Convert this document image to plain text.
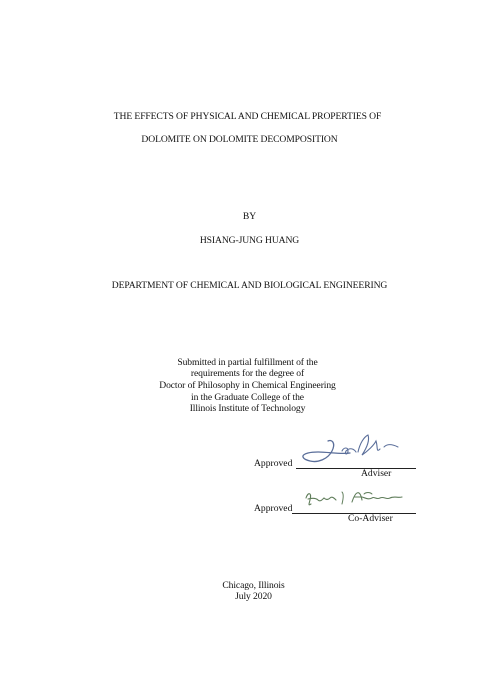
THE EFFECTS OF PHYSICAL AND CHEMICAL PROPERTIES OF
DOLOMITE ON DOLOMITE DECOMPOSITION
BY
HSIANG-JUNG HUANG
DEPARTMENT OF CHEMICAL AND BIOLOGICAL ENGINEERING
Submitted in partial fulfillment of the
requirements for the degree of
Doctor of Philosophy in Chemical Engineering
in the Graduate College of the
Illinois Institute of Technology
Approved
Adviser
Approved
Co-Adviser
Chicago, Illinois
July 2020
